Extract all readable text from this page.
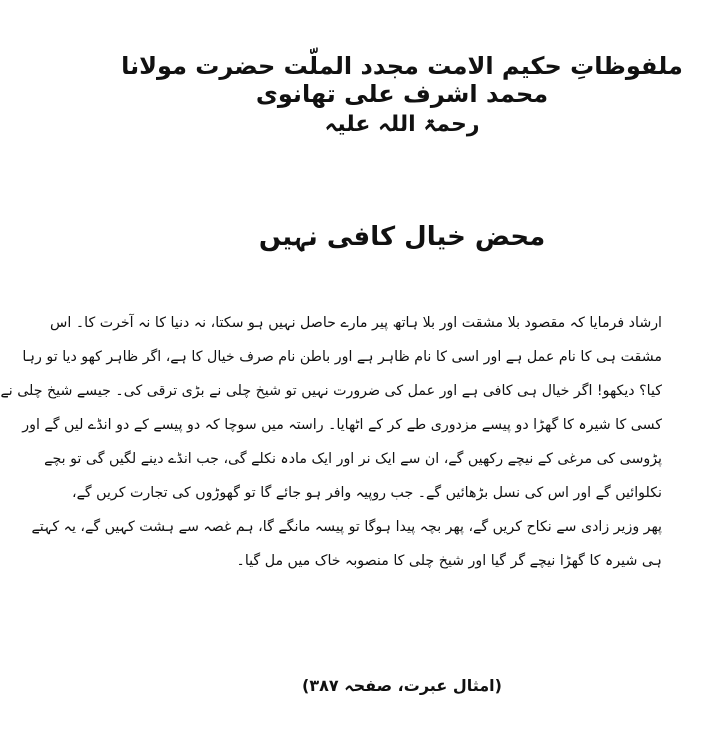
ملفوظاتِ حکیم الامت مجدد الملّت حضرت مولانا محمد اشرف علی تھانوی
رحمۃ اللہ علیہ
محض خیال کافی نہیں
ارشاد فرمایا کہ مقصود بلا مشقت اور بلا ہاتھ پیر مارے حاصل نہیں ہو سکتا، نہ دنیا کا نہ آخرت کا۔ اس
مشقت ہی کا نام عمل ہے اور اسی کا نام ظاہر ہے اور باطن نام صرف خیال کا ہے، اگر ظاہر کھو دیا تو رہا
کیا؟ دیکھو! اگر خیال ہی کافی ہے اور عمل کی ضرورت نہیں تو شیخ چلی نے بڑی ترقی کی۔ جیسے شیخ چلی نے
کسی کا شیرہ کا گھڑا دو پیسے مزدوری طے کر کے اٹھایا۔ راستہ میں سوچا کہ دو پیسے کے دو انڈے لیں گے اور
پڑوسی کی مرغی کے نیچے رکھیں گے، ان سے ایک نر اور ایک مادہ نکلے گی، جب انڈے دینے لگیں گی تو بچے
نکلوائیں گے اور اس کی نسل بڑھائیں گے۔ جب روپیہ وافر ہو جائے گا تو گھوڑوں کی تجارت کریں گے،
پھر وزیر زادی سے نکاح کریں گے، پھر بچہ پیدا ہوگا تو پیسہ مانگے گا، ہم غصہ سے ہشت کہیں گے، یہ کہتے
ہی شیرہ کا گھڑا نیچے گر گیا اور شیخ چلی کا منصوبہ خاک میں مل گیا۔
(امثال عبرت، صفحہ ۳۸۷)
